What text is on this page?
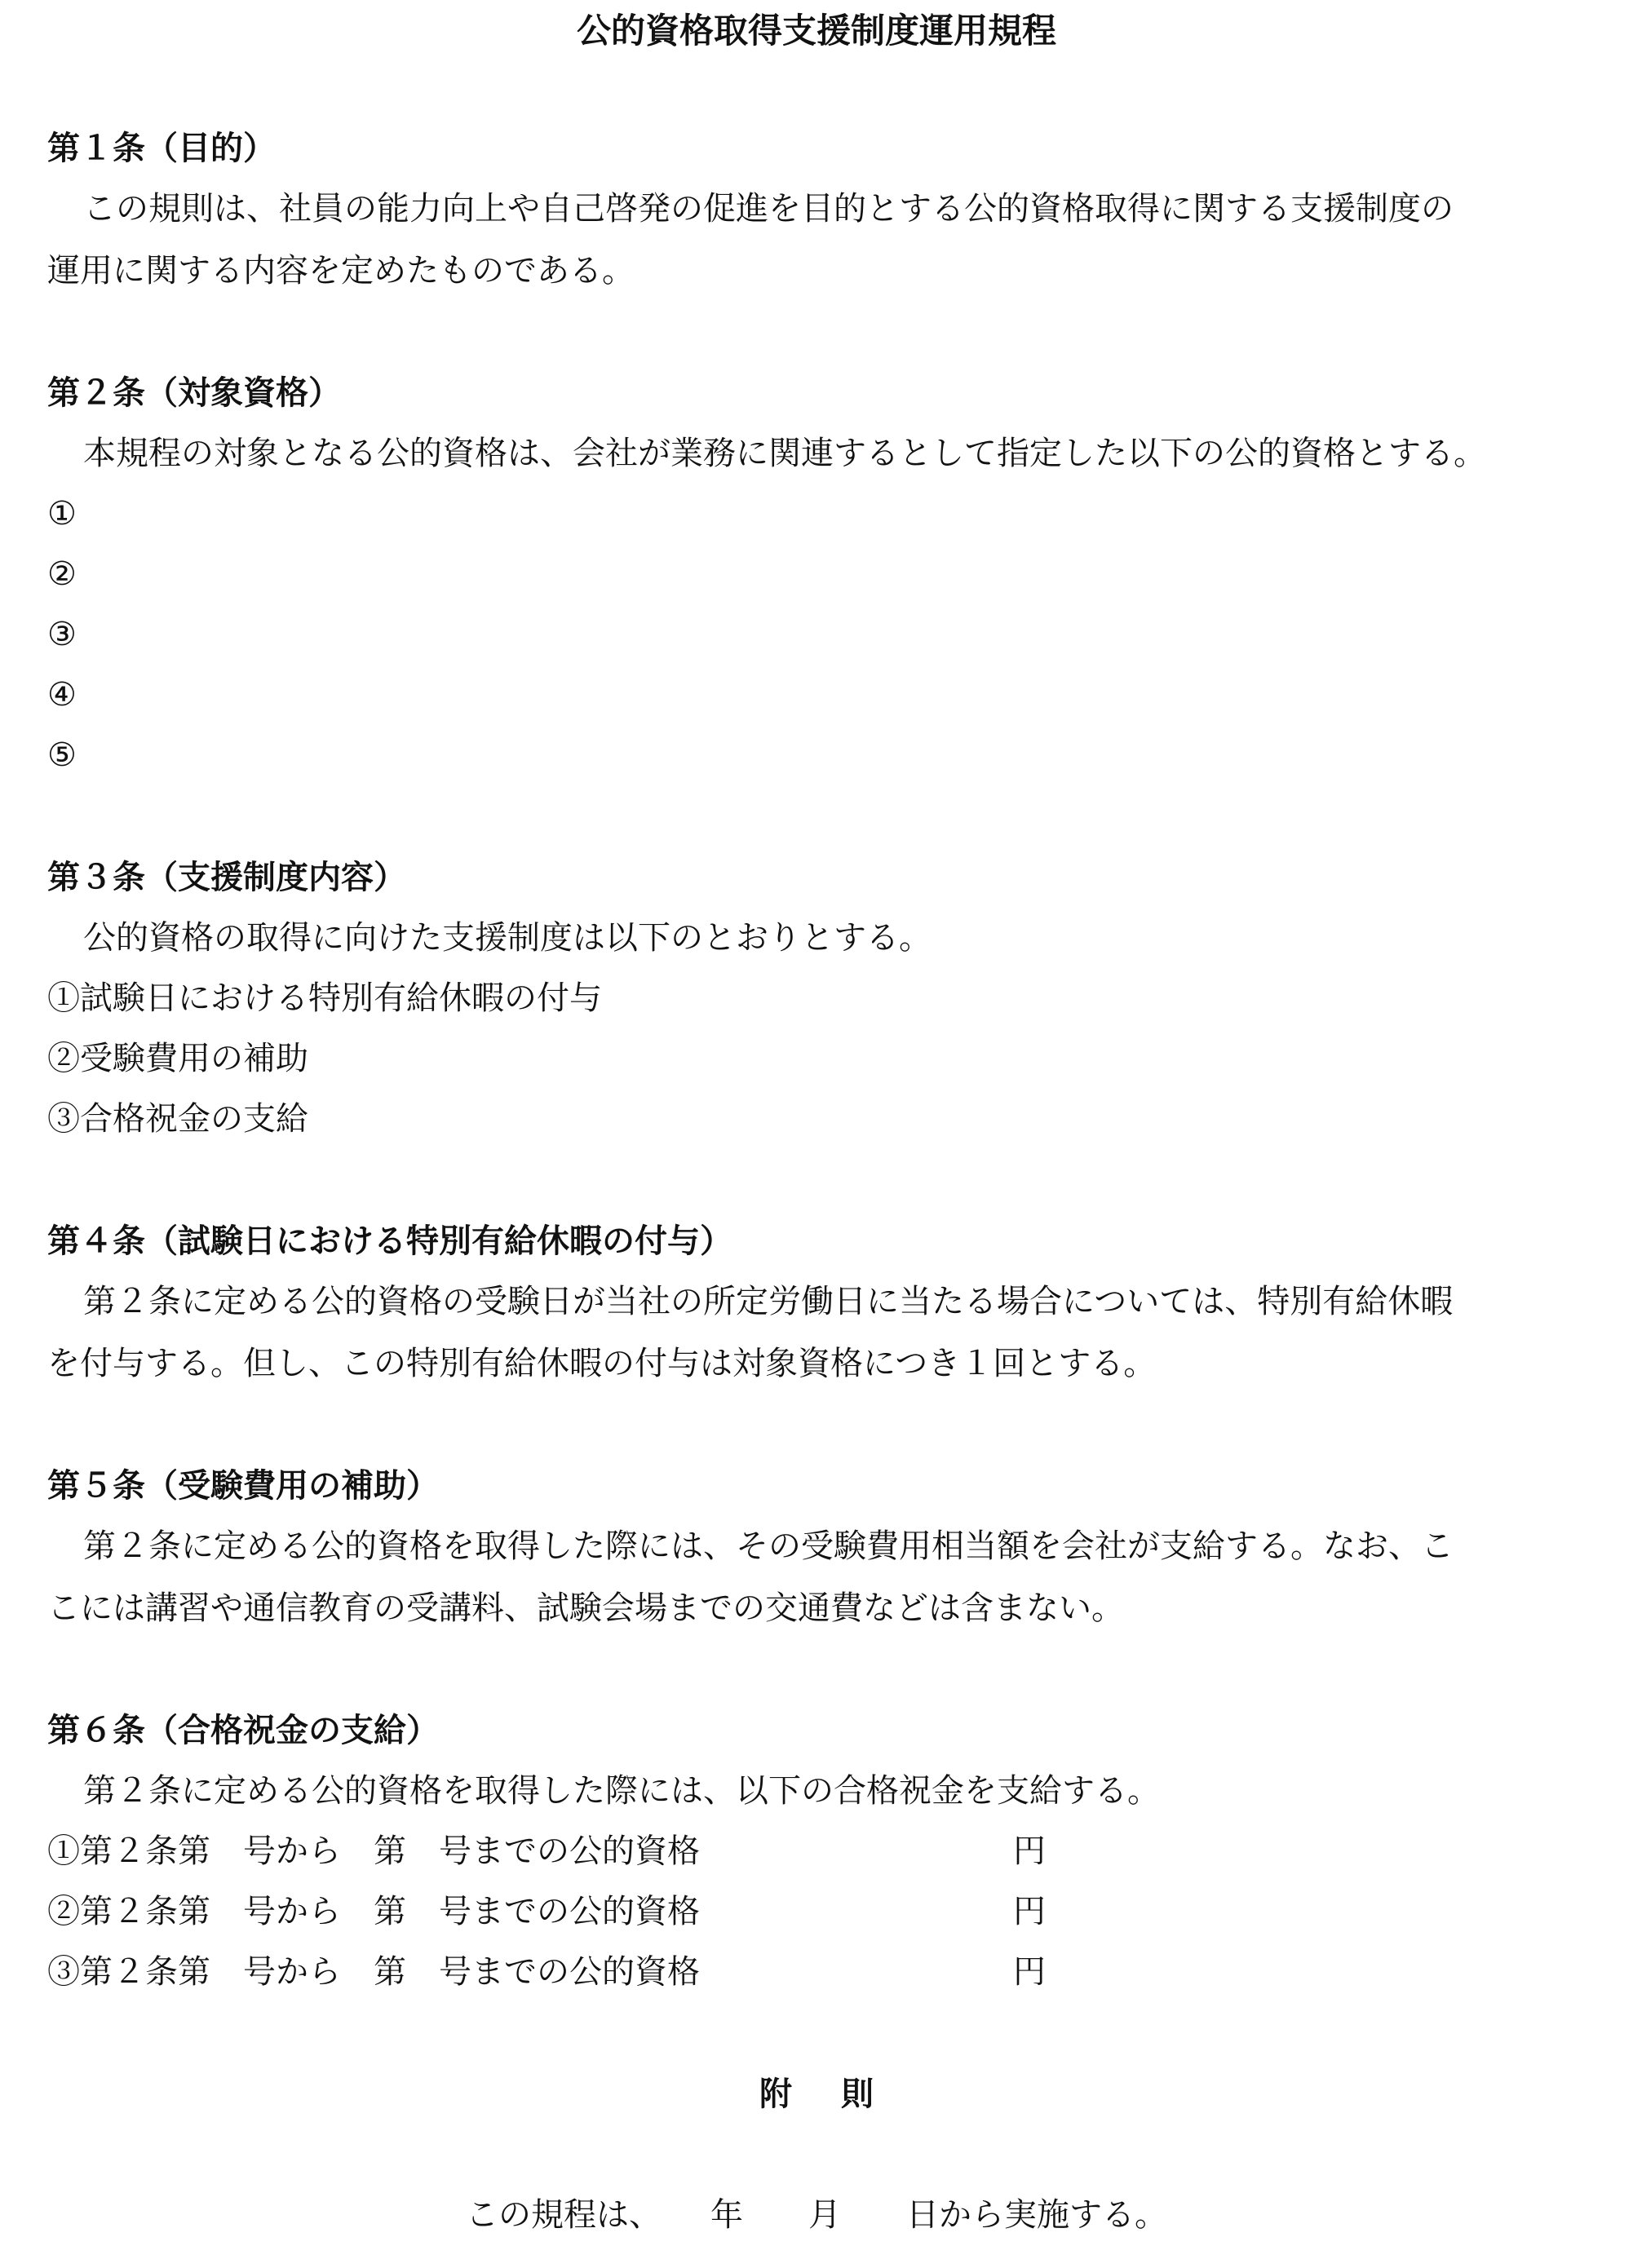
公的資格取得支援制度運用規程
第１条（目的）
この規則は、社員の能力向上や自己啓発の促進を目的とする公的資格取得に関する支援制度の
運用に関する内容を定めたものである。
第２条（対象資格）
本規程の対象となる公的資格は、会社が業務に関連するとして指定した以下の公的資格とする。
①
②
③
④
⑤
第３条（支援制度内容）
公的資格の取得に向けた支援制度は以下のとおりとする。
①試験日における特別有給休暇の付与
②受験費用の補助
③合格祝金の支給
第４条（試験日における特別有給休暇の付与）
第２条に定める公的資格の受験日が当社の所定労働日に当たる場合については、特別有給休暇
を付与する。但し、この特別有給休暇の付与は対象資格につき１回とする。
第５条（受験費用の補助）
第２条に定める公的資格を取得した際には、その受験費用相当額を会社が支給する。なお、こ
こには講習や通信教育の受講料、試験会場までの交通費などは含まない。
第６条（合格祝金の支給）
第２条に定める公的資格を取得した際には、以下の合格祝金を支給する。
①第２条第　号から　第　号までの公的資格	円
②第２条第　号から　第　号までの公的資格	円
③第２条第　号から　第　号までの公的資格	円
附則
この規程は、　　年　　月　　日から実施する。
